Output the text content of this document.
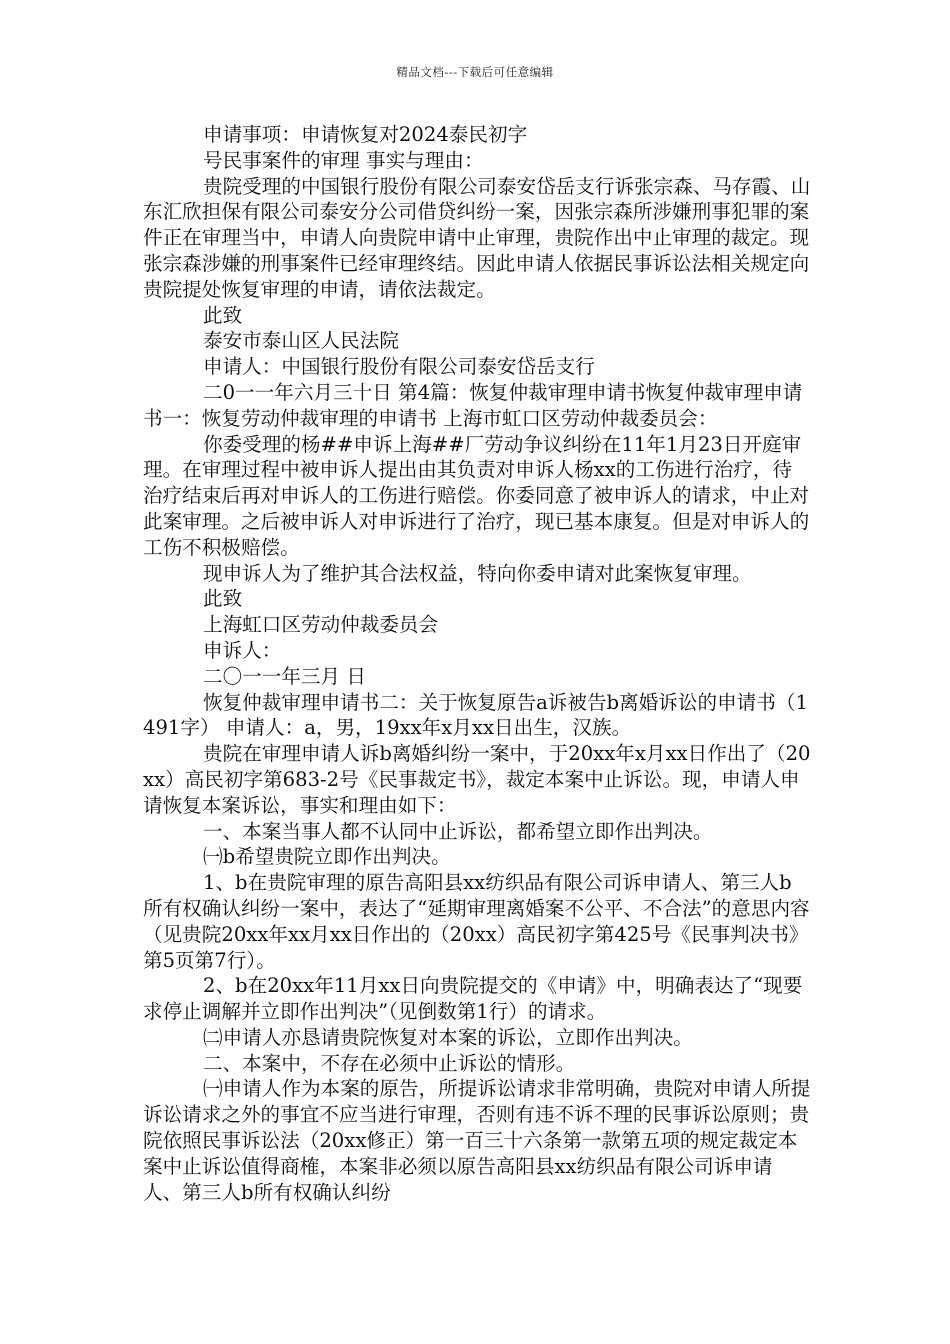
精品文档---下载后可任意编辑

申请事项：申请恢复对2024泰民初字

号民事案件的审理 事实与理由：

贵院受理的中国银行股份有限公司泰安岱岳支行诉张宗森、马存霞、山东汇欣担保有限公司泰安分公司借贷纠纷一案，因张宗森所涉嫌刑事犯罪的案件正在审理当中，申请人向贵院申请中止审理，贵院作出中止审理的裁定。现张宗森涉嫌的刑事案件已经审理终结。因此申请人依据民事诉讼法相关规定向贵院提处恢复审理的申请，请依法裁定。

此致

泰安市泰山区人民法院

申请人：中国银行股份有限公司泰安岱岳支行

二0一一年六月三十日 第4篇：恢复仲裁审理申请书恢复仲裁审理申请书一：恢复劳动仲裁审理的申请书 上海市虹口区劳动仲裁委员会：

你委受理的杨##申诉上海##厂劳动争议纠纷在11年1月23日开庭审理。在审理过程中被申诉人提出由其负责对申诉人杨xx的工伤进行治疗，待治疗结束后再对申诉人的工伤进行赔偿。你委同意了被申诉人的请求，中止对此案审理。之后被申诉人对申诉进行了治疗，现已基本康复。但是对申诉人的工伤不积极赔偿。

现申诉人为了维护其合法权益，特向你委申请对此案恢复审理。

此致

上海虹口区劳动仲裁委员会

申诉人：

二〇一一年三月 日

恢复仲裁审理申请书二：关于恢复原告a诉被告b离婚诉讼的申请书（1491字） 申请人：a，男，19xx年x月xx日出生，汉族。

贵院在审理申请人诉b离婚纠纷一案中，于20xx年x月xx日作出了（20xx）高民初字第683-2号《民事裁定书》，裁定本案中止诉讼。现，申请人申请恢复本案诉讼，事实和理由如下：

一、本案当事人都不认同中止诉讼，都希望立即作出判决。

㈠b希望贵院立即作出判决。

1、b在贵院审理的原告高阳县xx纺织品有限公司诉申请人、第三人b所有权确认纠纷一案中，表达了“延期审理离婚案不公平、不合法”的意思内容（见贵院20xx年xx月xx日作出的（20xx）高民初字第425号《民事判决书》第5页第7行）。

2、b在20xx年11月xx日向贵院提交的《申请》中，明确表达了“现要求停止调解并立即作出判决”（见倒数第1行）的请求。

㈡申请人亦恳请贵院恢复对本案的诉讼，立即作出判决。

二、本案中，不存在必须中止诉讼的情形。

㈠申请人作为本案的原告，所提诉讼请求非常明确，贵院对申请人所提诉讼请求之外的事宜不应当进行审理，否则有违不诉不理的民事诉讼原则；贵院依照民事诉讼法（20xx修正）第一百三十六条第一款第五项的规定裁定本案中止诉讼值得商榷，本案非必须以原告高阳县xx纺织品有限公司诉申请人、第三人b所有权确认纠纷
